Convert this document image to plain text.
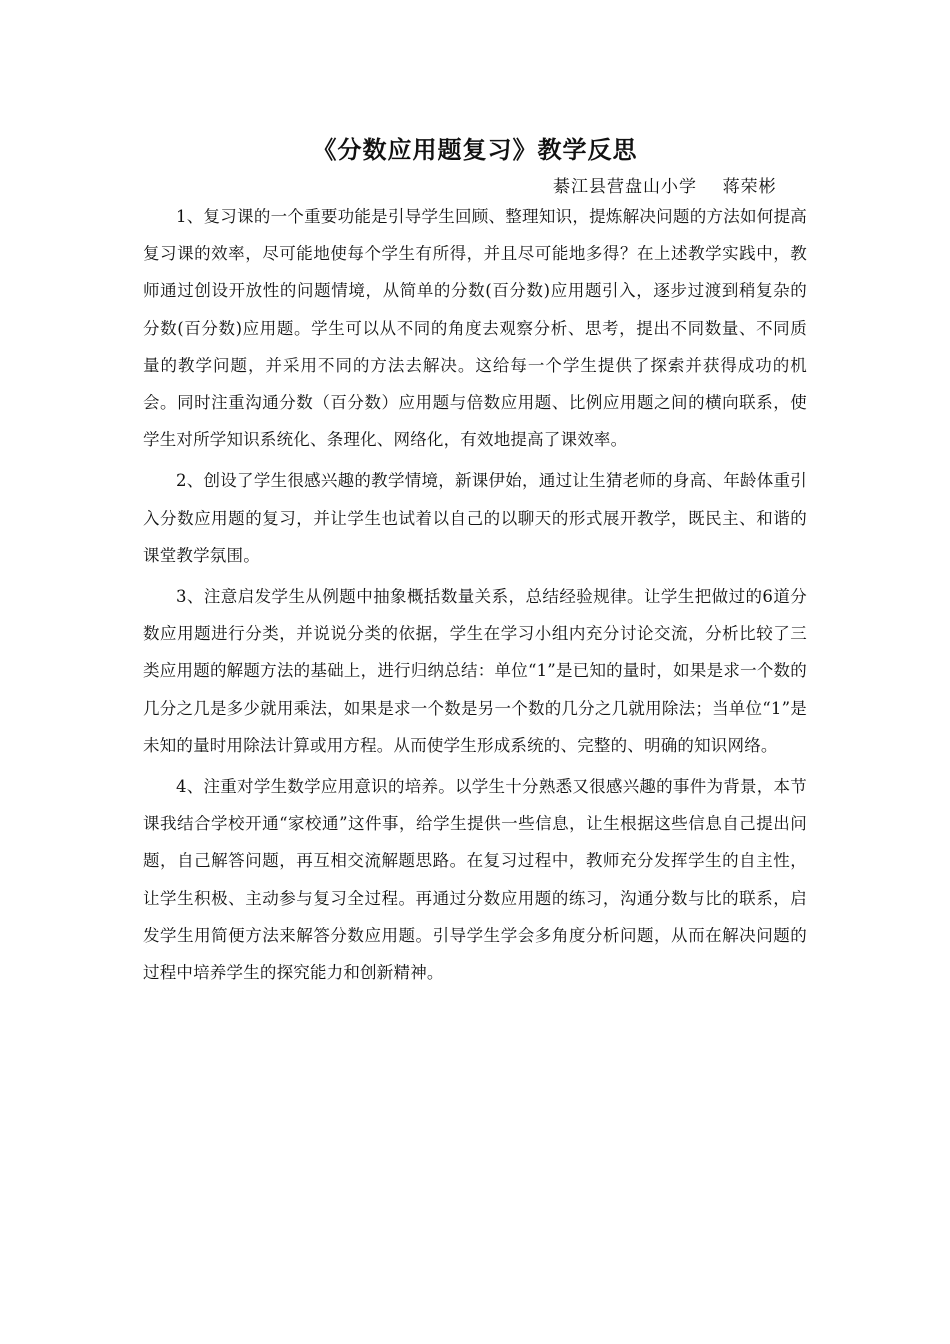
《分数应用题复习》教学反思
綦江县营盘山小学    蒋荣彬

1、复习课的一个重要功能是引导学生回顾、整理知识，提炼解决问题的方法如何提高复习课的效率，尽可能地使每个学生有所得，并且尽可能地多得？在上述教学实践中，教师通过创设开放性的问题情境，从简单的分数(百分数)应用题引入，逐步过渡到稍复杂的分数(百分数)应用题。学生可以从不同的角度去观察分析、思考，提出不同数量、不同质量的教学问题，并采用不同的方法去解决。这给每一个学生提供了探索并获得成功的机会。同时注重沟通分数（百分数）应用题与倍数应用题、比例应用题之间的横向联系，使学生对所学知识系统化、条理化、网络化，有效地提高了课效率。

2、创设了学生很感兴趣的教学情境，新课伊始，通过让生猜老师的身高、年龄体重引入分数应用题的复习，并让学生也试着以自己的以聊天的形式展开教学，既民主、和谐的课堂教学氛围。

3、注意启发学生从例题中抽象概括数量关系，总结经验规律。让学生把做过的6道分数应用题进行分类，并说说分类的依据，学生在学习小组内充分讨论交流，分析比较了三类应用题的解题方法的基础上，进行归纳总结：单位“1”是已知的量时，如果是求一个数的几分之几是多少就用乘法，如果是求一个数是另一个数的几分之几就用除法；当单位“1”是未知的量时用除法计算或用方程。从而使学生形成系统的、完整的、明确的知识网络。

4、注重对学生数学应用意识的培养。以学生十分熟悉又很感兴趣的事件为背景，本节课我结合学校开通“家校通”这件事，给学生提供一些信息，让生根据这些信息自己提出问题，自己解答问题，再互相交流解题思路。在复习过程中，教师充分发挥学生的自主性，让学生积极、主动参与复习全过程。再通过分数应用题的练习，沟通分数与比的联系，启发学生用简便方法来解答分数应用题。引导学生学会多角度分析问题，从而在解决问题的过程中培养学生的探究能力和创新精神。
